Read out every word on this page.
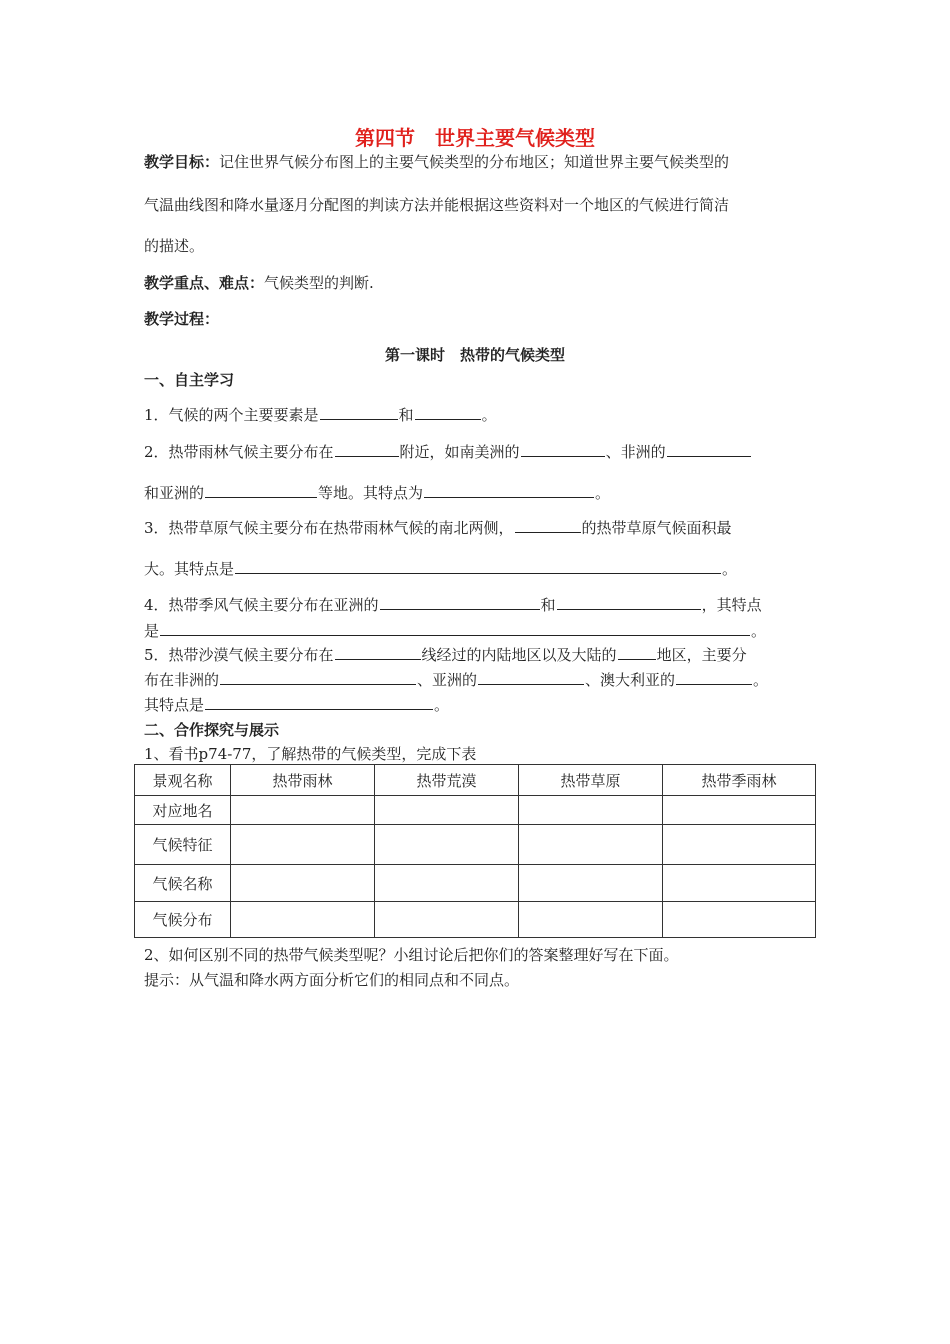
第四节　世界主要气候类型
教学目标：记住世界气候分布图上的主要气候类型的分布地区；知道世界主要气候类型的
气温曲线图和降水量逐月分配图的判读方法并能根据这些资料对一个地区的气候进行简洁
的描述。
教学重点、难点：气候类型的判断.
教学过程：
第一课时　热带的气候类型
一、自主学习
1．气候的两个主要要素是	和	。
2．热带雨林气候主要分布在	附近，如南美洲的	、非洲的
和亚洲的	等地。其特点为	。
3．热带草原气候主要分布在热带雨林气候的南北两侧，	的热带草原气候面积最
大。其特点是	。
4．热带季风气候主要分布在亚洲的	和	，其特点
是	。
5．热带沙漠气候主要分布在	线经过的内陆地区以及大陆的	地区，主要分
布在非洲的	、亚洲的	、澳大利亚的	。
其特点是	。
二、合作探究与展示
1、看书p74-77，了解热带的气候类型，完成下表
景观名称	热带雨林	热带荒漠	热带草原	热带季雨林
对应地名				
气候特征				
气候名称				
气候分布				
2、如何区别不同的热带气候类型呢？小组讨论后把你们的答案整理好写在下面。
提示：从气温和降水两方面分析它们的相同点和不同点。
